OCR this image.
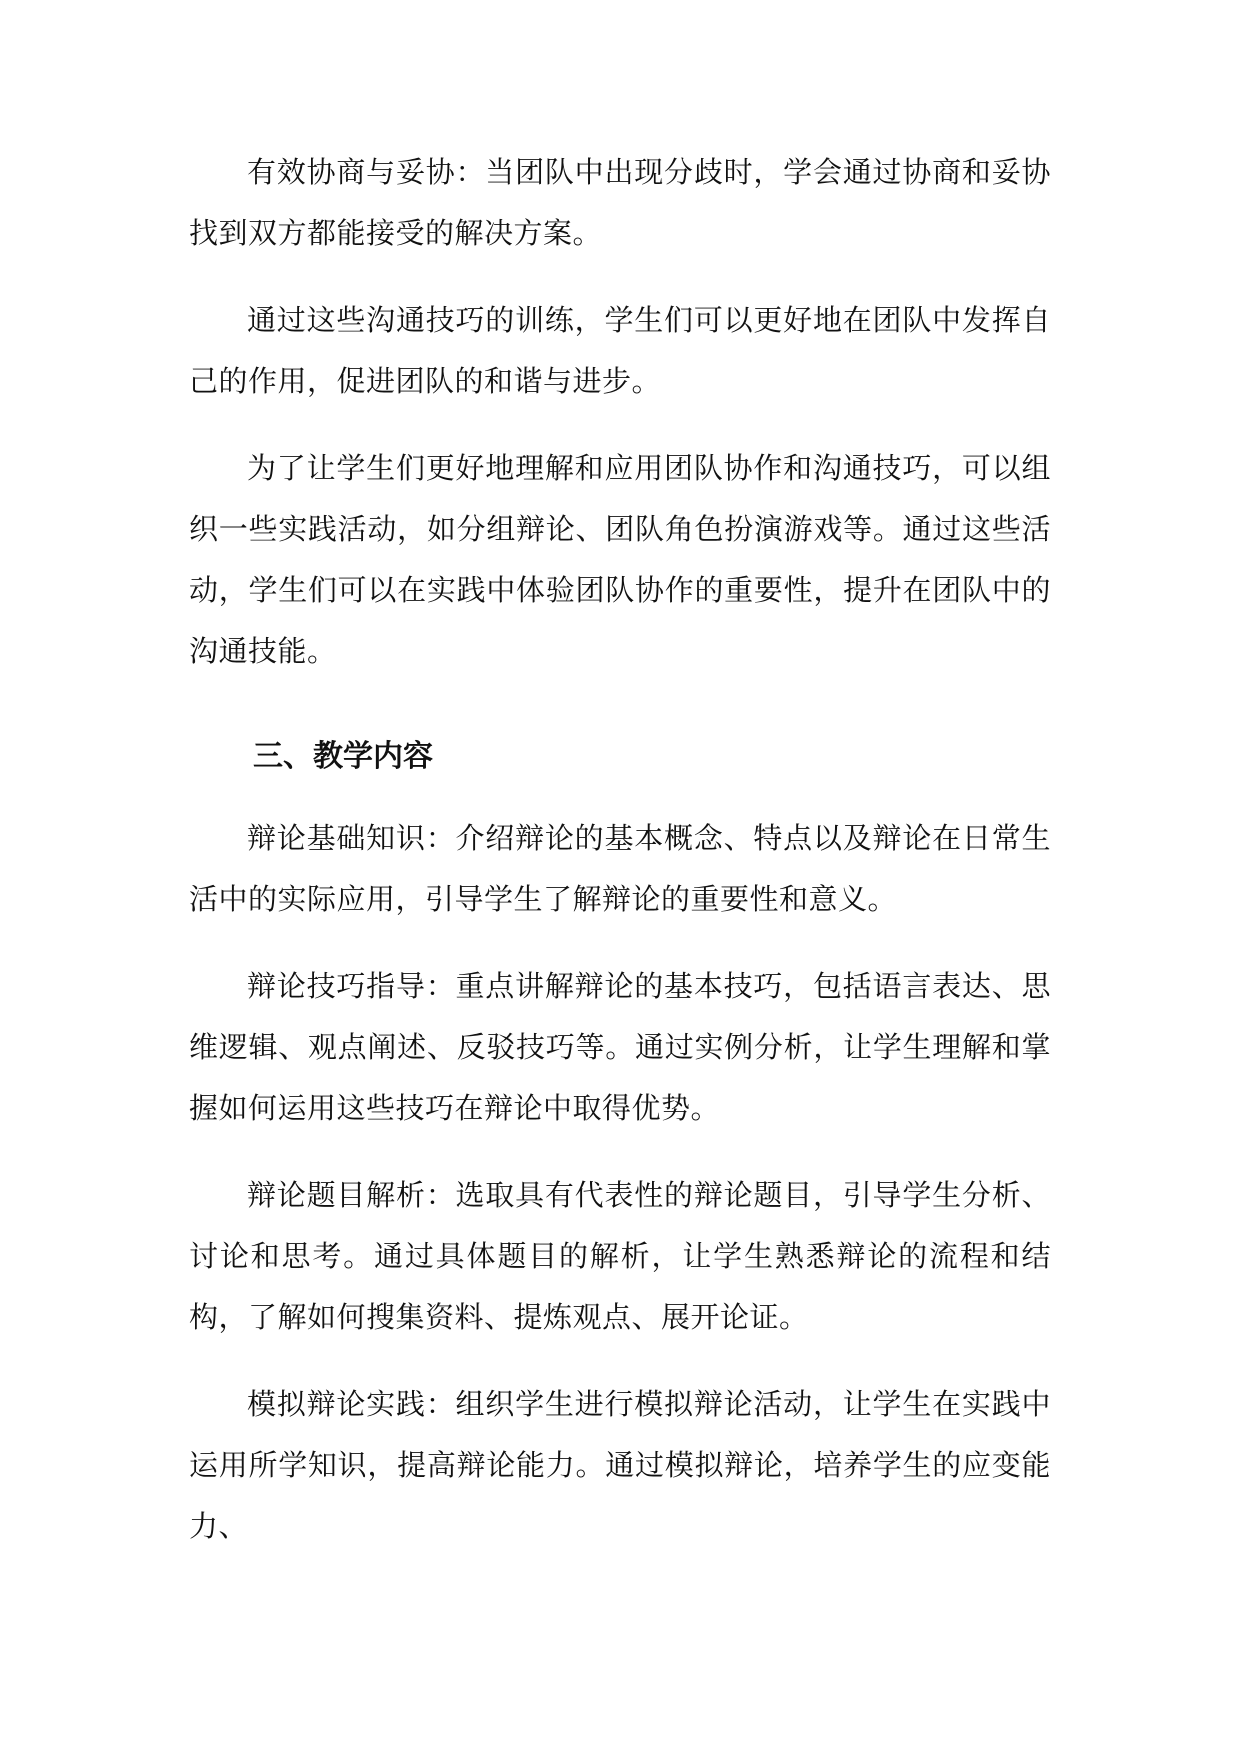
有效协商与妥协：当团队中出现分歧时，学会通过协商和妥协找到双方都能接受的解决方案。

通过这些沟通技巧的训练，学生们可以更好地在团队中发挥自己的作用，促进团队的和谐与进步。

为了让学生们更好地理解和应用团队协作和沟通技巧，可以组织一些实践活动，如分组辩论、团队角色扮演游戏等。通过这些活动，学生们可以在实践中体验团队协作的重要性，提升在团队中的沟通技能。

三、教学内容

辩论基础知识：介绍辩论的基本概念、特点以及辩论在日常生活中的实际应用，引导学生了解辩论的重要性和意义。

辩论技巧指导：重点讲解辩论的基本技巧，包括语言表达、思维逻辑、观点阐述、反驳技巧等。通过实例分析，让学生理解和掌握如何运用这些技巧在辩论中取得优势。

辩论题目解析：选取具有代表性的辩论题目，引导学生分析、讨论和思考。通过具体题目的解析，让学生熟悉辩论的流程和结构，了解如何搜集资料、提炼观点、展开论证。

模拟辩论实践：组织学生进行模拟辩论活动，让学生在实践中运用所学知识，提高辩论能力。通过模拟辩论，培养学生的应变能力、
